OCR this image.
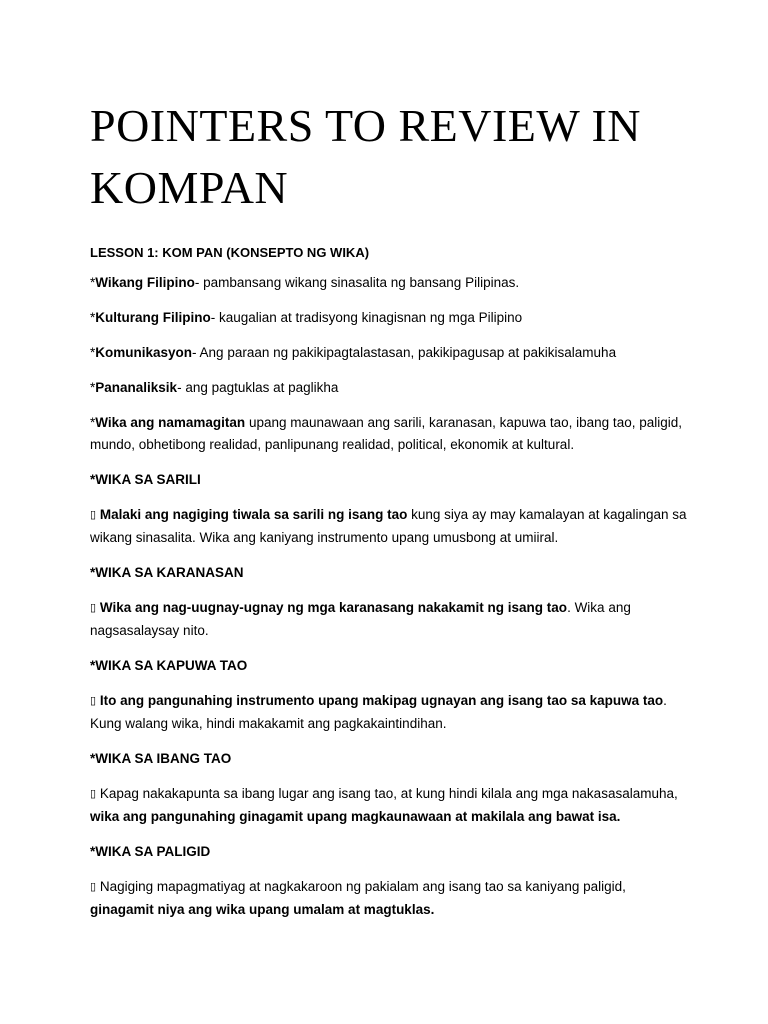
POINTERS TO REVIEW IN KOMPAN

LESSON 1: KOM PAN (KONSEPTO NG WIKA)

*Wikang Filipino- pambansang wikang sinasalita ng bansang Pilipinas.

*Kulturang Filipino- kaugalian at tradisyong kinagisnan ng mga Pilipino

*Komunikasyon- Ang paraan ng pakikipagtalastasan, pakikipagusap at pakikisalamuha

*Pananaliksik- ang pagtuklas at paglikha

*Wika ang namamagitan upang maunawaan ang sarili, karanasan, kapuwa tao, ibang tao, paligid, mundo, obhetibong realidad, panlipunang realidad, political, ekonomik at kultural.

*WIKA SA SARILI

▯ Malaki ang nagiging tiwala sa sarili ng isang tao kung siya ay may kamalayan at kagalingan sa wikang sinasalita. Wika ang kaniyang instrumento upang umusbong at umiiral.

*WIKA SA KARANASAN

▯ Wika ang nag-uugnay-ugnay ng mga karanasang nakakamit ng isang tao. Wika ang nagsasalaysay nito.

*WIKA SA KAPUWA TAO

▯ Ito ang pangunahing instrumento upang makipag ugnayan ang isang tao sa kapuwa tao. Kung walang wika, hindi makakamit ang pagkakaintindihan.

*WIKA SA IBANG TAO

▯ Kapag nakakapunta sa ibang lugar ang isang tao, at kung hindi kilala ang mga nakasasalamuha, wika ang pangunahing ginagamit upang magkaunawaan at makilala ang bawat isa.

*WIKA SA PALIGID

▯ Nagiging mapagmatiyag at nagkakaroon ng pakialam ang isang tao sa kaniyang paligid, ginagamit niya ang wika upang umalam at magtuklas.
